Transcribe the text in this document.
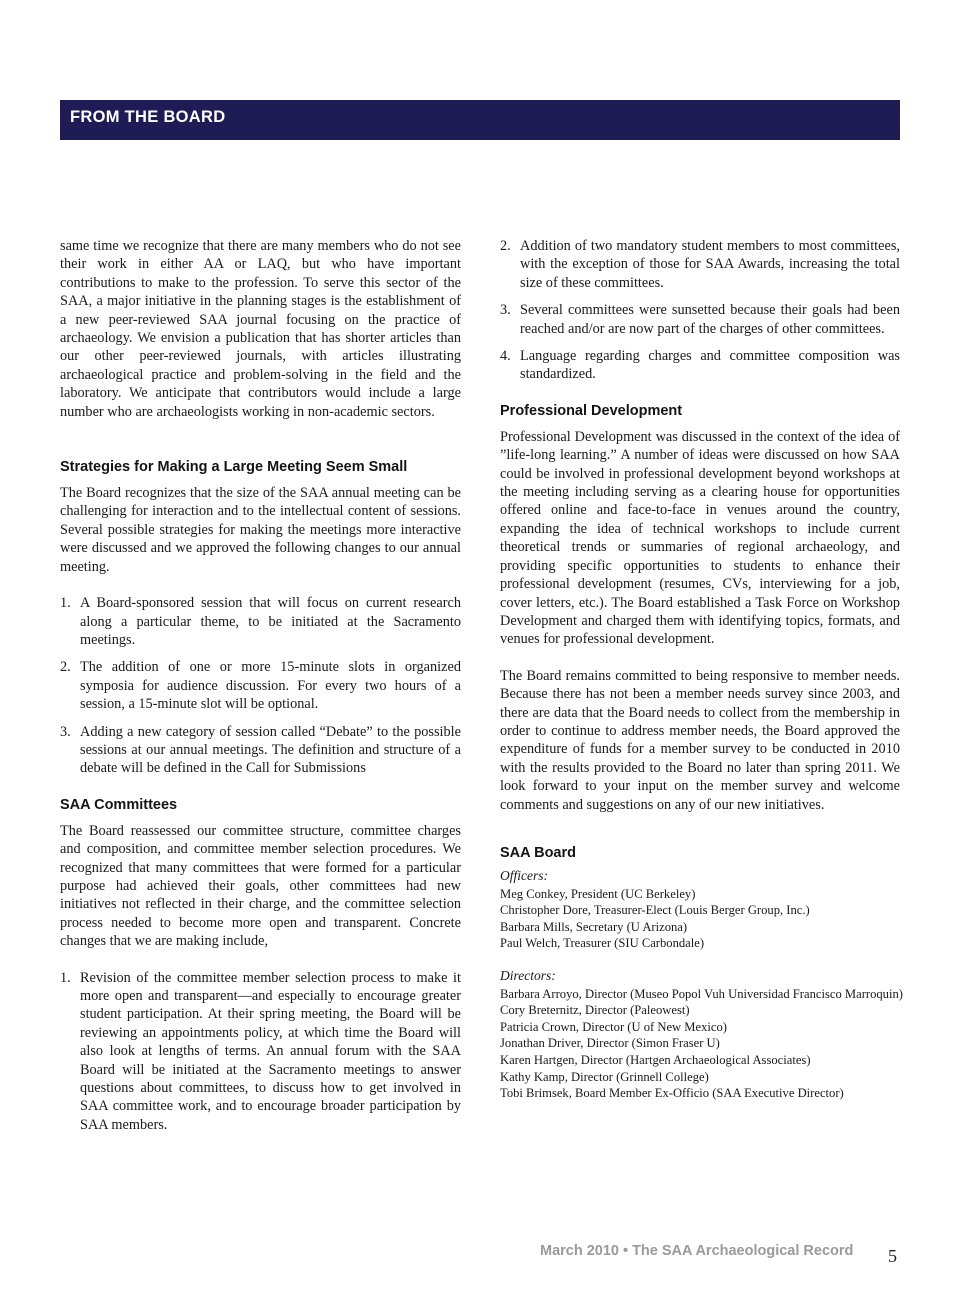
FROM THE BOARD

same time we recognize that there are many members who do not see their work in either AA or LAQ, but who have important contributions to make to the profession. To serve this sector of the SAA, a major initiative in the planning stages is the establishment of a new peer-reviewed SAA journal focusing on the practice of archaeology. We envision a publication that has shorter articles than our other peer-reviewed journals, with articles illustrating archaeological practice and problem-solving in the field and the laboratory. We anticipate that contributors would include a large number who are archaeologists working in non-academic sectors.

Strategies for Making a Large Meeting Seem Small

The Board recognizes that the size of the SAA annual meeting can be challenging for interaction and to the intellectual content of sessions. Several possible strategies for making the meetings more interactive were discussed and we approved the following changes to our annual meeting.

1. A Board-sponsored session that will focus on current research along a particular theme, to be initiated at the Sacramento meetings.
2. The addition of one or more 15-minute slots in organized symposia for audience discussion. For every two hours of a session, a 15-minute slot will be optional.
3. Adding a new category of session called “Debate” to the possible sessions at our annual meetings. The definition and structure of a debate will be defined in the Call for Submissions
SAA Committees

The Board reassessed our committee structure, committee charges and composition, and committee member selection procedures. We recognized that many committees that were formed for a particular purpose had achieved their goals, other committees had new initiatives not reflected in their charge, and the committee selection process needed to become more open and transparent. Concrete changes that we are making include,

1. Revision of the committee member selection process to make it more open and transparent—and especially to encourage greater student participation. At their spring meeting, the Board will be reviewing an appointments policy, at which time the Board will also look at lengths of terms. An annual forum with the SAA Board will be initiated at the Sacramento meetings to answer questions about committees, to discuss how to get involved in SAA committee work, and to encourage broader participation by SAA members.
2. Addition of two mandatory student members to most committees, with the exception of those for SAA Awards, increasing the total size of these committees.
3. Several committees were sunsetted because their goals had been reached and/or are now part of the charges of other committees.
4. Language regarding charges and committee composition was standardized.
Professional Development

Professional Development was discussed in the context of the idea of ”life-long learning.” A number of ideas were discussed on how SAA could be involved in professional development beyond workshops at the meeting including serving as a clearing house for opportunities offered online and face-to-face in venues around the country, expanding the idea of technical workshops to include current theoretical trends or summaries of regional archaeology, and providing specific opportunities to students to enhance their professional development (resumes, CVs, interviewing for a job, cover letters, etc.). The Board established a Task Force on Workshop Development and charged them with identifying topics, formats, and venues for professional development.

The Board remains committed to being responsive to member needs. Because there has not been a member needs survey since 2003, and there are data that the Board needs to collect from the membership in order to continue to address member needs, the Board approved the expenditure of funds for a member survey to be conducted in 2010 with the results provided to the Board no later than spring 2011. We look forward to your input on the member survey and welcome comments and suggestions on any of our new initiatives.

SAA Board
Officers:
Meg Conkey, President (UC Berkeley)
Christopher Dore, Treasurer-Elect (Louis Berger Group, Inc.)
Barbara Mills, Secretary (U Arizona)
Paul Welch, Treasurer (SIU Carbondale)
Directors:
Barbara Arroyo, Director (Museo Popol Vuh Universidad Francisco Marroquin)
Cory Breternitz, Director (Paleowest)
Patricia Crown, Director (U of New Mexico)
Jonathan Driver, Director (Simon Fraser U)
Karen Hartgen, Director (Hartgen Archaeological Associates)
Kathy Kamp, Director (Grinnell College)
Tobi Brimsek, Board Member Ex-Officio (SAA Executive Director)
March 2010 • The SAA Archaeological Record 5
